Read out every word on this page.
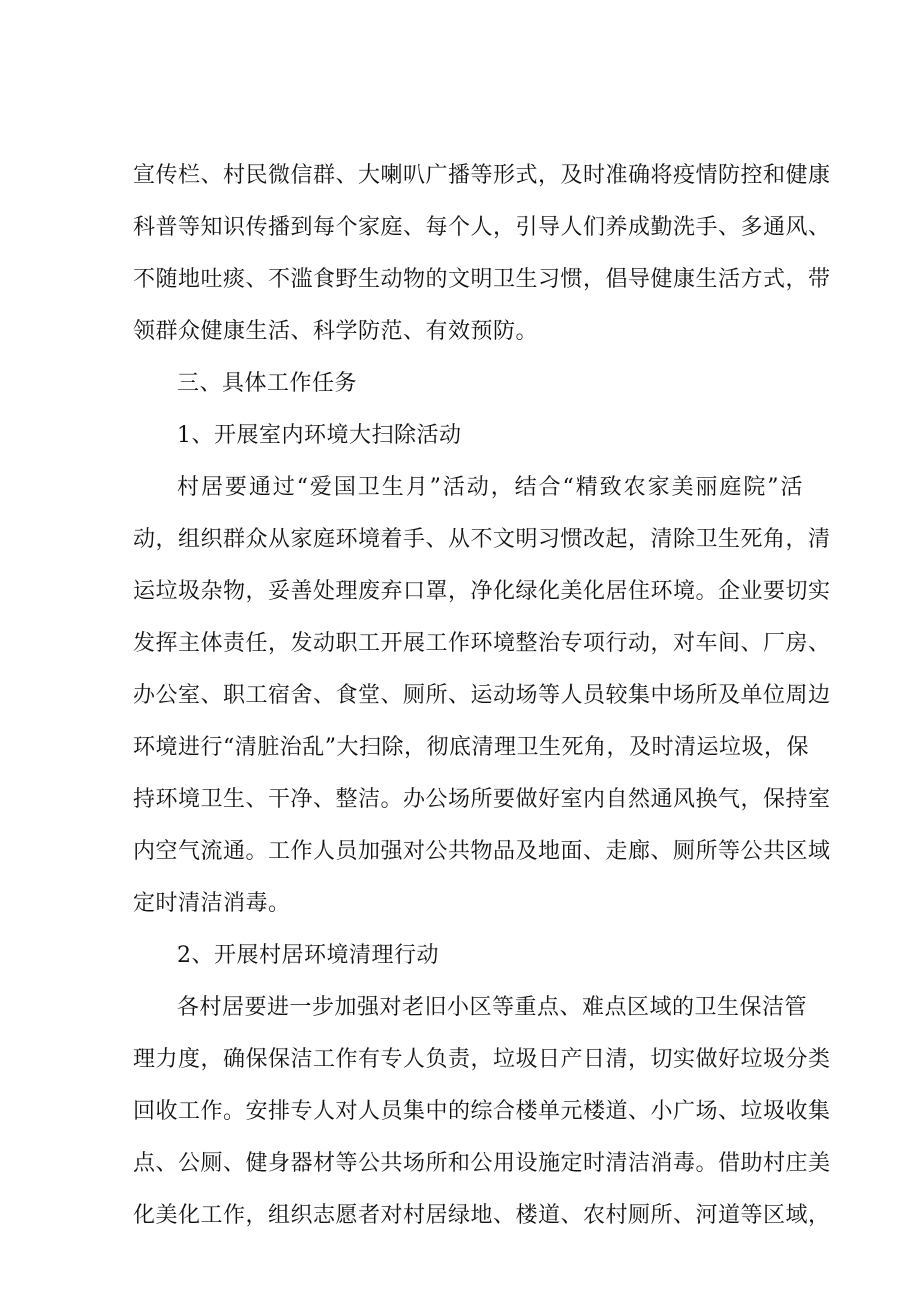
宣传栏、村民微信群、大喇叭广播等形式，及时准确将疫情防控和健康
科普等知识传播到每个家庭、每个人，引导人们养成勤洗手、多通风、
不随地吐痰、不滥食野生动物的文明卫生习惯，倡导健康生活方式，带
领群众健康生活、科学防范、有效预防。
三、具体工作任务
1、开展室内环境大扫除活动
村居要通过“爱国卫生月”活动，结合“精致农家美丽庭院”活
动，组织群众从家庭环境着手、从不文明习惯改起，清除卫生死角，清
运垃圾杂物，妥善处理废弃口罩，净化绿化美化居住环境。企业要切实
发挥主体责任，发动职工开展工作环境整治专项行动，对车间、厂房、
办公室、职工宿舍、食堂、厕所、运动场等人员较集中场所及单位周边
环境进行“清脏治乱”大扫除，彻底清理卫生死角，及时清运垃圾，保
持环境卫生、干净、整洁。办公场所要做好室内自然通风换气，保持室
内空气流通。工作人员加强对公共物品及地面、走廊、厕所等公共区域
定时清洁消毒。
2、开展村居环境清理行动
各村居要进一步加强对老旧小区等重点、难点区域的卫生保洁管
理力度，确保保洁工作有专人负责，垃圾日产日清，切实做好垃圾分类
回收工作。安排专人对人员集中的综合楼单元楼道、小广场、垃圾收集
点、公厕、健身器材等公共场所和公用设施定时清洁消毒。借助村庄美
化美化工作，组织志愿者对村居绿地、楼道、农村厕所、河道等区域，
